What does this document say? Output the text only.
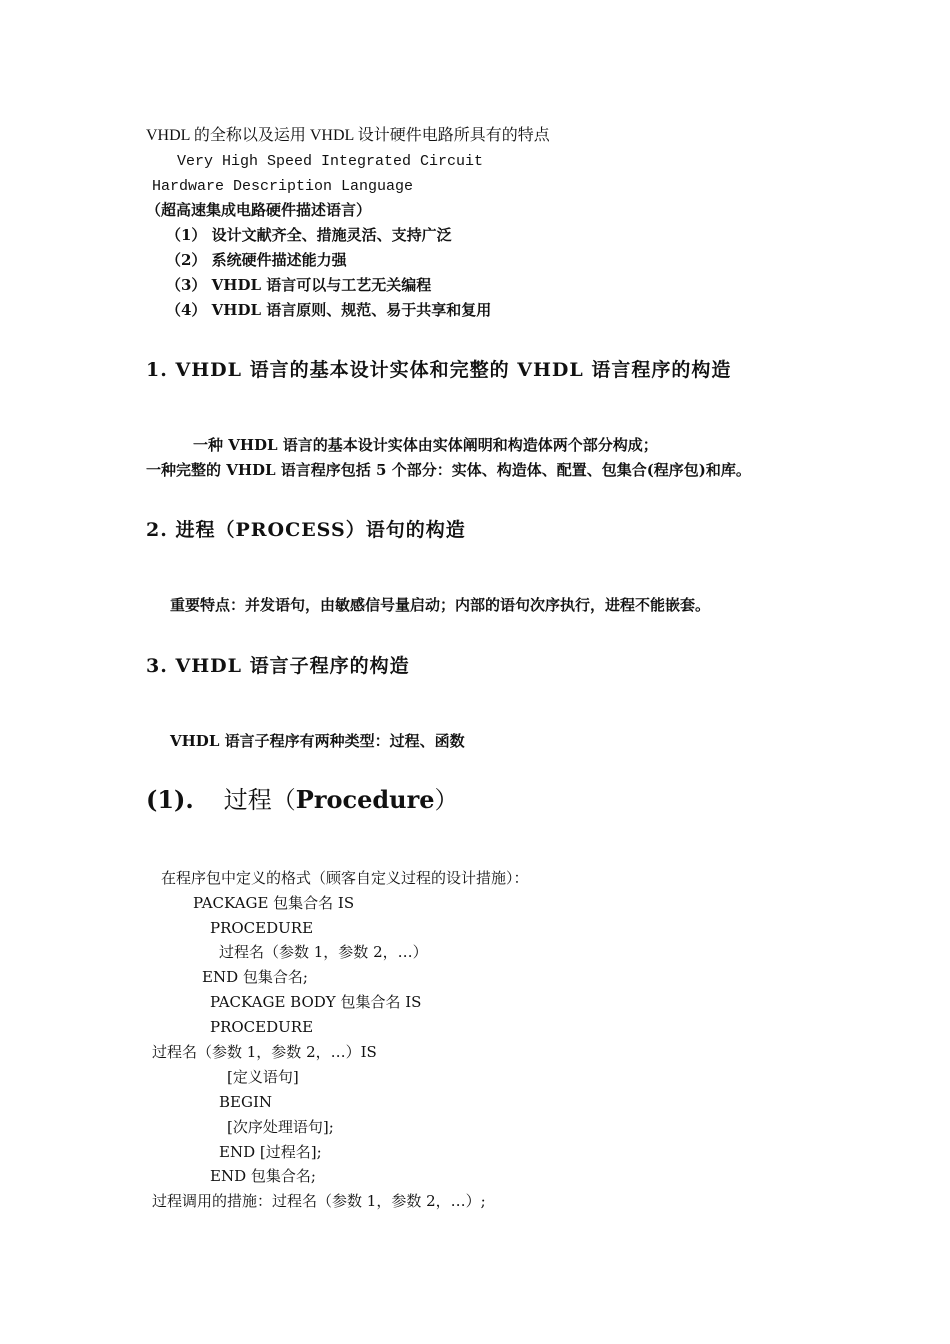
VHDL 的全称以及运用 VHDL 设计硬件电路所具有的特点
Very High Speed Integrated Circuit
Hardware Description Language
（超高速集成电路硬件描述语言）
（1） 设计文献齐全、措施灵活、支持广泛
（2） 系统硬件描述能力强
（3） VHDL 语言可以与工艺无关编程
（4） VHDL 语言原则、规范、易于共享和复用
1. VHDL 语言的基本设计实体和完整的 VHDL 语言程序的构造
一种 VHDL 语言的基本设计实体由实体阐明和构造体两个部分构成；
一种完整的 VHDL 语言程序包括 5 个部分：实体、构造体、配置、包集合(程序包)和库。
2. 进程（PROCESS）语句的构造
重要特点：并发语句，由敏感信号量启动；内部的语句次序执行，进程不能嵌套。
3. VHDL 语言子程序的构造
VHDL 语言子程序有两种类型：过程、函数
(1). 过程（Procedure）
在程序包中定义的格式（顾客自定义过程的设计措施）：
PACKAGE 包集合名 IS
PROCEDURE
过程名（参数 1，参数 2，…）
END 包集合名;
PACKAGE BODY 包集合名 IS
PROCEDURE
过程名（参数 1，参数 2，…）IS
[定义语句]
BEGIN
[次序处理语句];
END [过程名];
END 包集合名;
过程调用的措施：过程名（参数 1，参数 2，…）;
